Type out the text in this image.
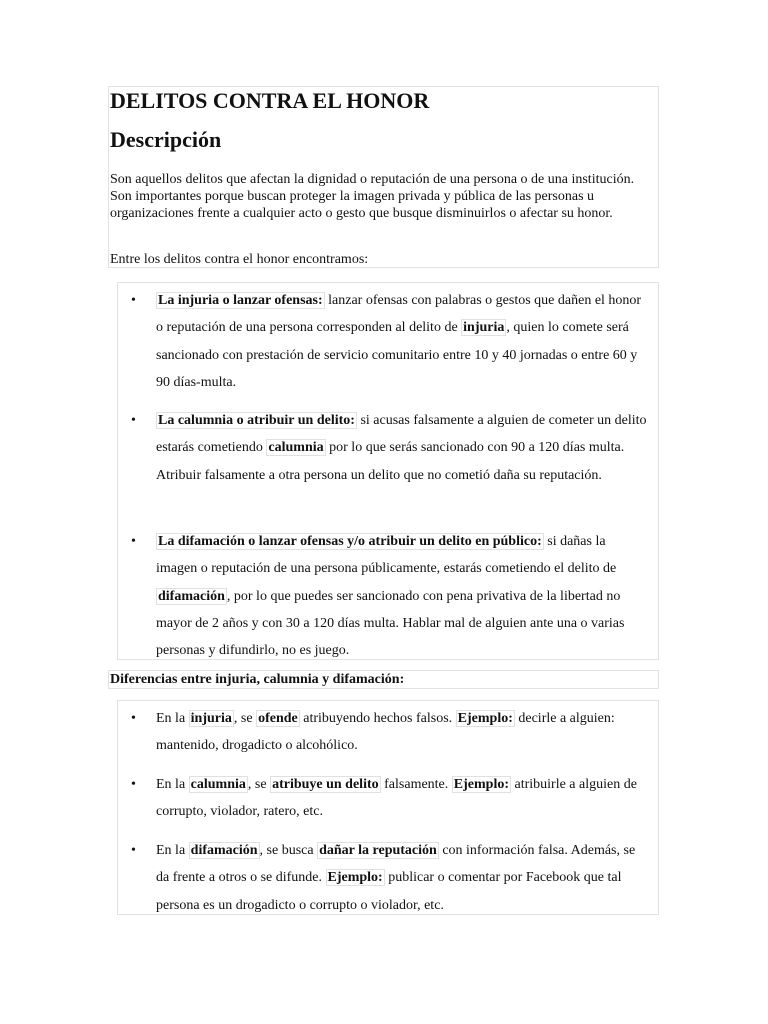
DELITOS CONTRA EL HONOR
Descripción

Son aquellos delitos que afectan la dignidad o reputación de una persona o de una institución. Son importantes porque buscan proteger la imagen privada y pública de las personas u organizaciones frente a cualquier acto o gesto que busque disminuirlos o afectar su honor.

Entre los delitos contra el honor encontramos:

• La injuria o lanzar ofensas: lanzar ofensas con palabras o gestos que dañen el honor o reputación de una persona corresponden al delito de injuria , quien lo comete será sancionado con prestación de servicio comunitario entre 10 y 40 jornadas o entre 60 y 90 días-multa.
• La calumnia o atribuir un delito: si acusas falsamente a alguien de cometer un delito estarás cometiendo calumnia por lo que serás sancionado con 90 a 120 días multa. Atribuir falsamente a otra persona un delito que no cometió daña su reputación.
• La difamación o lanzar ofensas y/o atribuir un delito en público: si dañas la imagen o reputación de una persona públicamente, estarás cometiendo el delito de difamación , por lo que puedes ser sancionado con pena privativa de la libertad no mayor de 2 años y con 30 a 120 días multa. Hablar mal de alguien ante una o varias personas y difundirlo, no es juego.
Diferencias entre injuria, calumnia y difamación:
• En la injuria , se ofende atribuyendo hechos falsos. Ejemplo: decirle a alguien: mantenido, drogadicto o alcohólico.
• En la calumnia , se atribuye un delito falsamente. Ejemplo: atribuirle a alguien de corrupto, violador, ratero, etc.
• En la difamación , se busca dañar la reputación con información falsa. Además, se da frente a otros o se difunde. Ejemplo: publicar o comentar por Facebook que tal persona es un drogadicto o corrupto o violador, etc.
